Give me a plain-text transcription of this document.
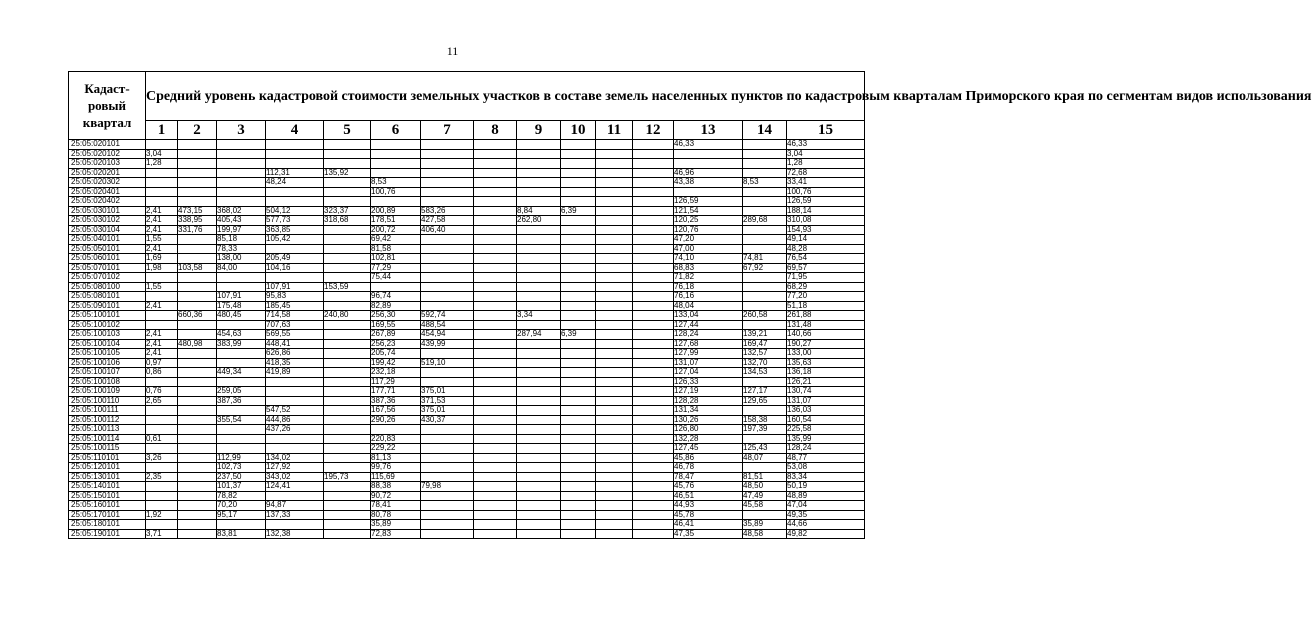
11
Кадаст-
ровый
квартал	Средний уровень кадастровой стоимости земельных участков в составе земель населенных пунктов по кадастровым кварталам Приморского края по сегментам видов использования														
	1	2	3	4	5	6	7	8	9	10	11	12	13	14	15
25:05:020101													46,33		46,33
25:05:020102	3,04														3,04
25:05:020103	1,28														1,28
25:05:020201				112,31	135,92								46,96		72,68
25:05:020302				48,24		8,53							43,38	8,53	33,41
25:05:020401						100,76									100,76
25:05:020402													126,59		126,59
25:05:030101	2,41	473,15	368,02	504,12	323,37	200,89	583,26		8,84	6,39			121,54		188,14
25:05:030102	2,41	338,95	405,43	577,73	318,68	178,51	427,58		262,80				120,25	289,68	310,08
25:05:030104	2,41	331,76	199,97	363,85		200,72	406,40						120,76		154,93
25:05:040101	1,55		85,18	105,42		69,42							47,20		49,14
25:05:050101	2,41		78,33			81,58							47,00		48,28
25:05:060101	1,69		138,00	205,49		102,81							74,10	74,81	76,54
25:05:070101	1,98	103,58	84,00	104,16		77,29							68,83	67,92	69,57
25:05:070102						75,44							71,82		71,95
25:05:080100	1,55			107,91	153,59								76,18		68,29
25:05:080101			107,91	95,83		96,74							76,16		77,20
25:05:090101	2,41		175,48	185,45		82,89							48,04		51,18
25:05:100101		660,36	480,45	714,58	240,80	256,30	592,74		3,34				133,04	260,58	261,88
25:05:100102				707,63		169,55	488,54						127,44		131,48
25:05:100103	2,41		454,63	569,55		267,89	454,94		287,94	6,39			128,24	139,21	140,66
25:05:100104	2,41	480,98	383,99	448,41		256,23	439,99						127,68	169,47	190,27
25:05:100105	2,41			626,86		205,74							127,99	132,57	133,00
25:05:100106	0,97			418,35		199,42	519,10						131,07	132,70	135,63
25:05:100107	0,86		449,34	419,89		232,18							127,04	134,53	136,18
25:05:100108						117,29							126,33		126,21
25:05:100109	0,76		259,05			177,71	375,01						127,19	127,17	130,74
25:05:100110	2,65		387,36			387,36	371,53						128,28	129,65	131,07
25:05:100111				547,52		167,56	375,01						131,34		136,03
25:05:100112			355,54	444,86		290,26	430,37						130,26	158,38	160,54
25:05:100113				437,26									126,80	197,39	225,58
25:05:100114	0,61					220,83							132,28		135,99
25:05:100115						229,22							127,45	125,43	128,24
25:05:110101	3,26		112,99	134,02		81,13							45,86	48,07	48,77
25:05:120101			102,73	127,92		99,76							46,78		53,08
25:05:130101	2,35		237,50	343,02	195,73	115,69							78,47	81,51	83,34
25:05:140101			101,37	124,41		88,38	79,98						45,76	48,50	50,19
25:05:150101			78,82			90,72							46,51	47,49	48,89
25:05:160101			70,20	94,87		78,41							44,93	45,58	47,04
25:05:170101	1,92		95,17	137,33		80,78							45,78		49,35
25:05:180101						35,89							46,41	35,89	44,66
25:05:190101	3,71		83,81	132,38		72,83							47,35	48,58	49,82
